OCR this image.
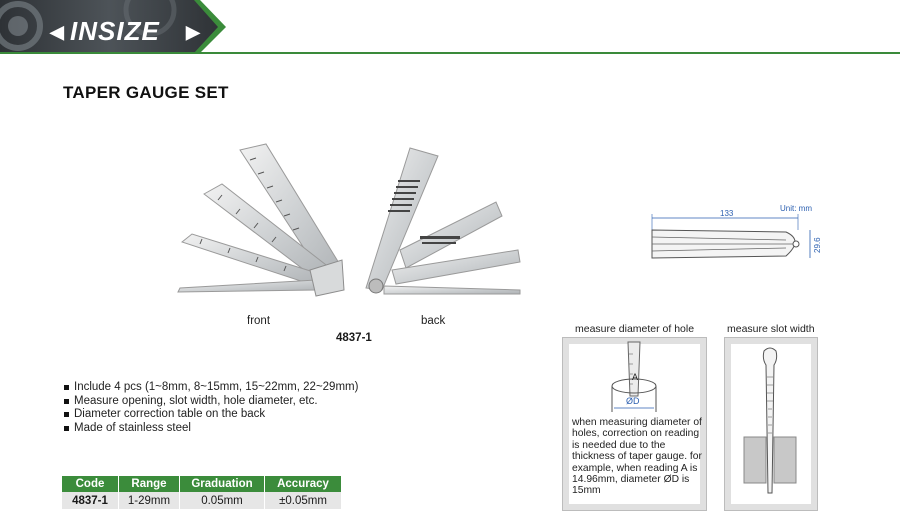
◀ INSIZE ▶
TAPER GAUGE SET
front	back
4837-1
Include 4 pcs (1~8mm, 8~15mm, 15~22mm, 22~29mm)
Measure opening, slot width, hole diameter, etc.
Diameter correction table on the back
Made of stainless steel
Code	Range	Graduation	Accuracy
4837-1	1-29mm	0.05mm	±0.05mm
Unit: mm
133
29.6
measure diameter of hole
A
ØD
when measuring diameter of holes, correction on reading is needed due to the thickness of taper gauge. for example, when reading A is 14.96mm, diameter ØD is 15mm
measure slot width
